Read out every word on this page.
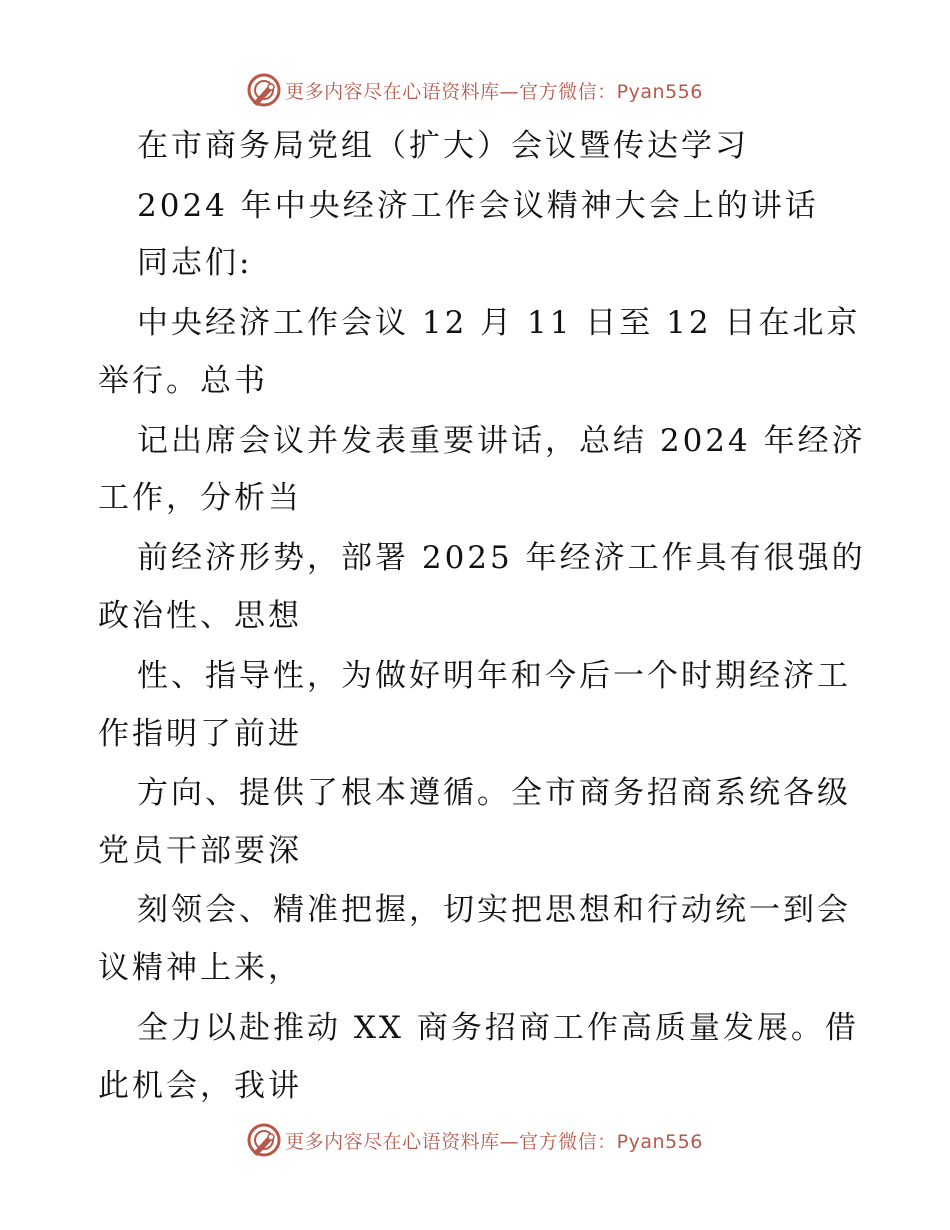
更多内容尽在心语资料库—官方微信：Pyan556
在市商务局党组（扩大）会议暨传达学习
2024 年中央经济工作会议精神大会上的讲话
同志们:
中央经济工作会议 12 月 11 日至 12 日在北京
举行。总书
记出席会议并发表重要讲话，总结 2024 年经济
工作，分析当
前经济形势，部署 2025 年经济工作具有很强的
政治性、思想
性、指导性，为做好明年和今后一个时期经济工
作指明了前进
方向、提供了根本遵循。全市商务招商系统各级
党员干部要深
刻领会、精准把握，切实把思想和行动统一到会
议精神上来，
全力以赴推动 XX 商务招商工作高质量发展。借
此机会，我讲
更多内容尽在心语资料库—官方微信：Pyan556
